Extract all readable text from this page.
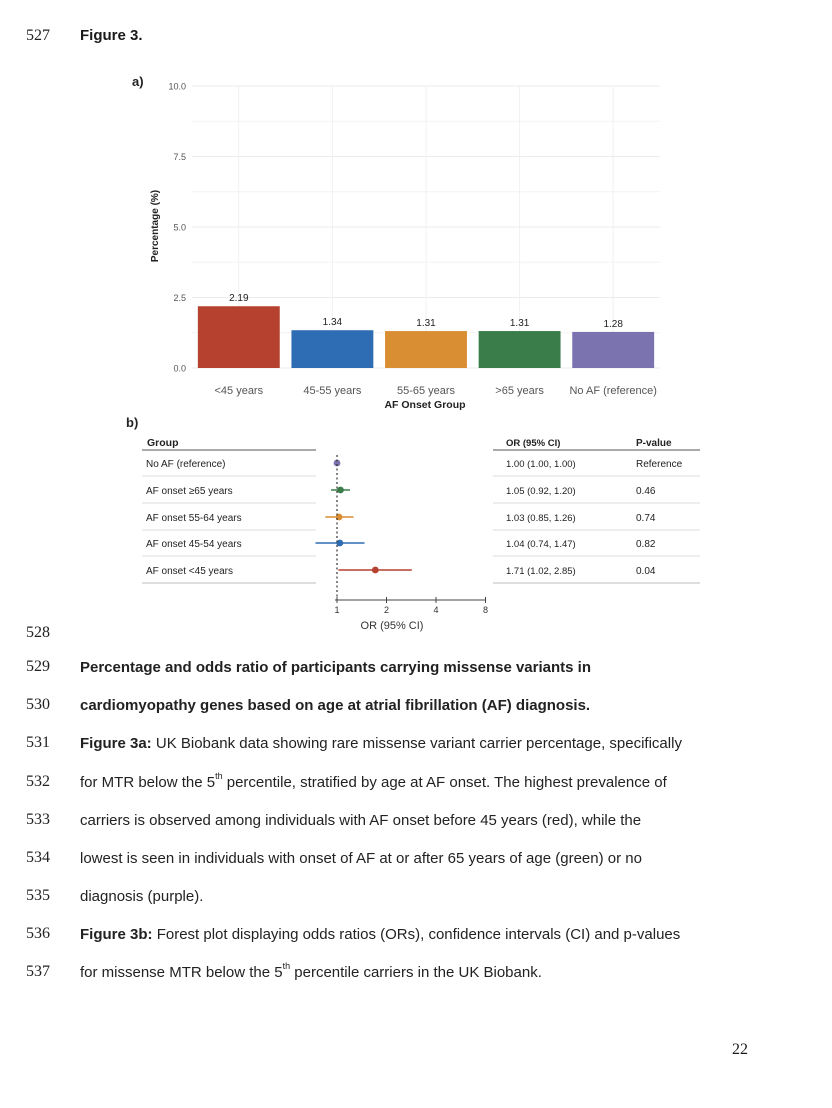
527 Figure 3.
a)
0.0
2.5
5.0
7.5
10.0
2.19
1.34	1.31	1.31	1.28
<45 years	45-55 years	55-65 years	>65 years No AF (reference)
Percentage (%)
AF Onset Group
b)
Group	OR (95% CI)	P-value
No AF (reference)	1.00 (1.00, 1.00)	Reference
AF onset ≥65 years	1.05 (0.92, 1.20)	0.46
AF onset 55-64 years	1.03 (0.85, 1.26)	0.74
AF onset 45-54 years	1.04 (0.74, 1.47)	0.82
AF onset <45 years	1.71 (1.02, 2.85)	0.04
1	2	4	8
OR (95% CI)
528
529 Percentage and odds ratio of participants carrying missense variants in
530 cardiomyopathy genes based on age at atrial fibrillation (AF) diagnosis.
531 Figure 3a: UK Biobank data showing rare missense variant carrier percentage, specifically
532 for MTR below the 5th percentile, stratified by age at AF onset. The highest prevalence of
533 carriers is observed among individuals with AF onset before 45 years (red), while the
534 lowest is seen in individuals with onset of AF at or after 65 years of age (green) or no
535 diagnosis (purple).
536 Figure 3b: Forest plot displaying odds ratios (ORs), confidence intervals (CI) and p-values
537 for missense MTR below the 5th percentile carriers in the UK Biobank.
22
